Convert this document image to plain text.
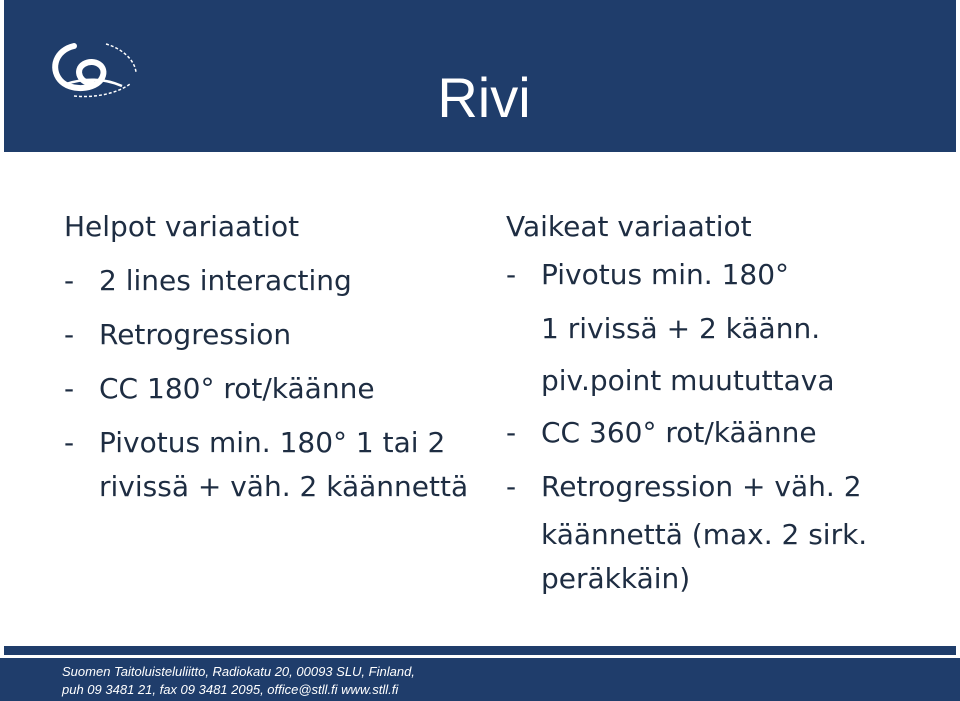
Rivi
Helpot variaatiot
- 2 lines interacting
- Retrogression
- CC 180° rot/käänne
- Pivotus min. 180° 1 tai 2
rivissä + väh. 2 käännettä
Vaikeat variaatiot
- Pivotus min. 180°
1 rivissä + 2 käänn.
piv.point muututtava
- CC 360° rot/käänne
- Retrogression + väh. 2
käännettä (max. 2 sirk.
peräkkäin)
Suomen Taitoluisteluliitto, Radiokatu 20, 00093 SLU, Finland,
puh 09 3481 21, fax 09 3481 2095, office@stll.fi www.stll.fi
